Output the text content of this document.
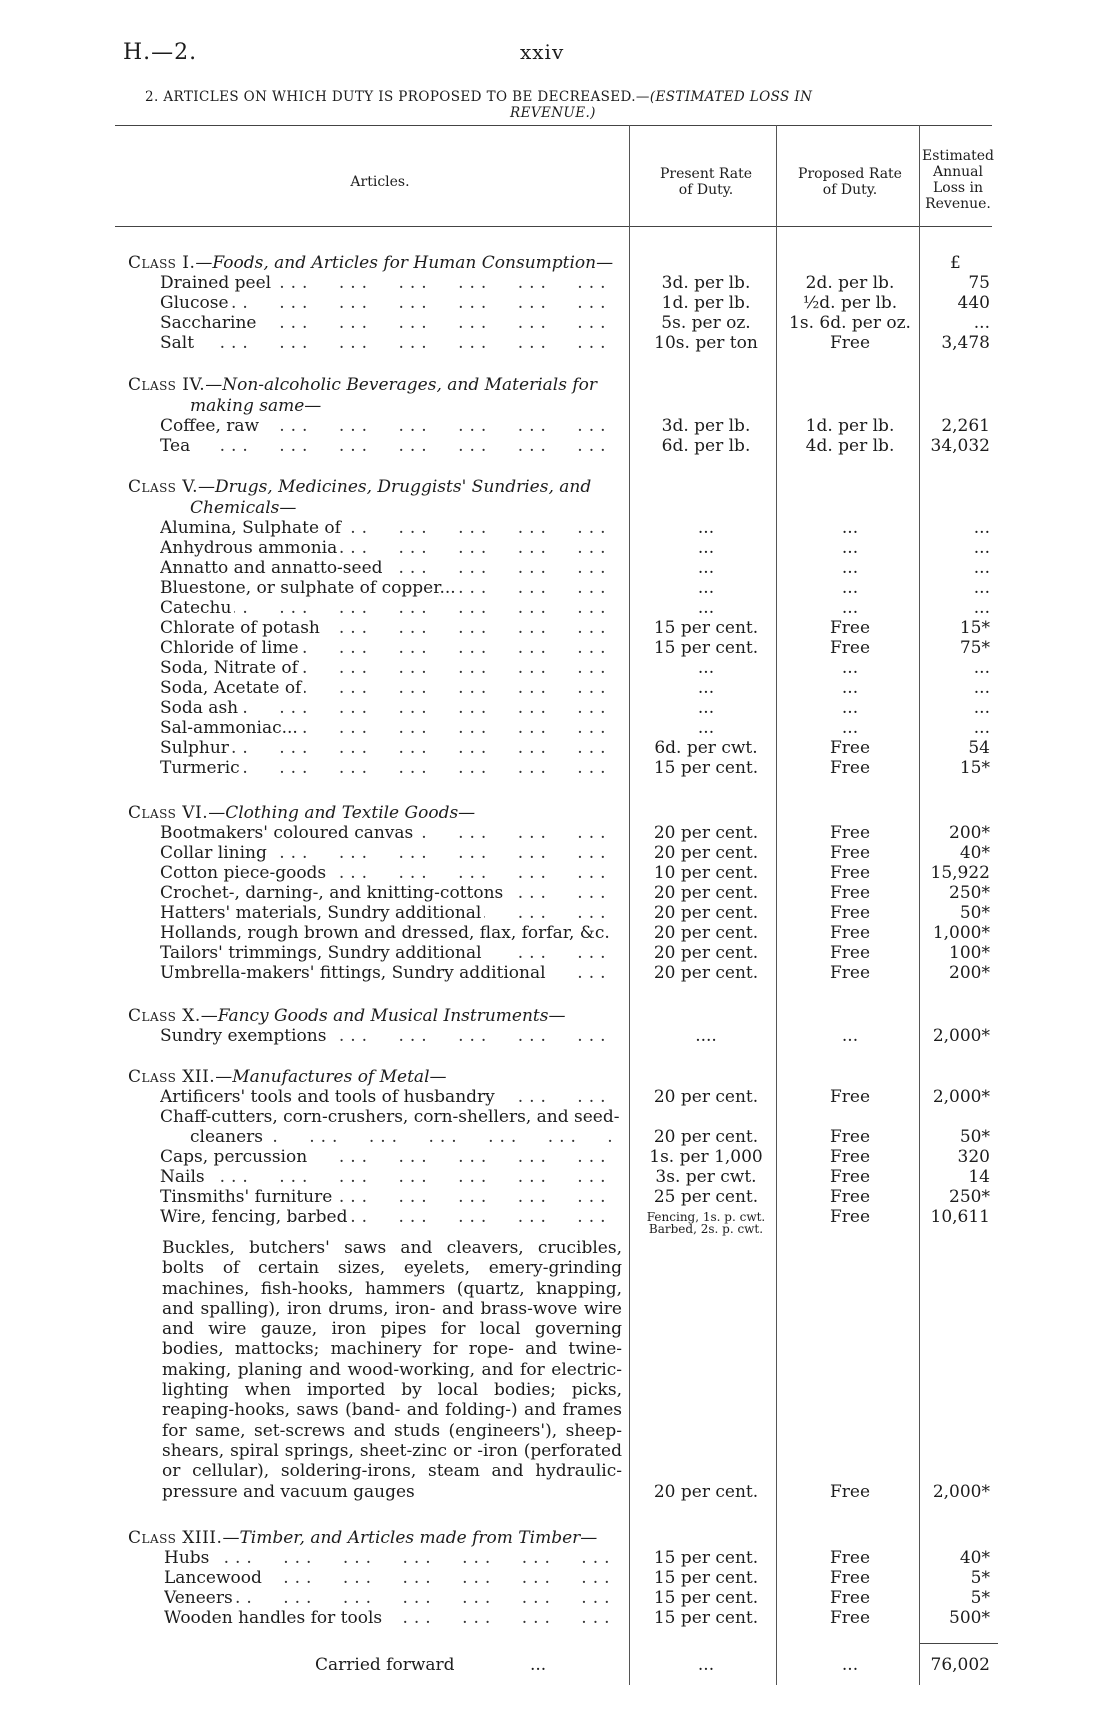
H.—2.	xxiv
2. ARTICLES ON WHICH DUTY IS PROPOSED TO BE DECREASED.—(ESTIMATED LOSS IN
REVENUE.)
Articles.	Present Rate
of Duty.
Proposed Rate
of Duty.
Estimated
Annual
Loss in
Revenue.
£
Class I.—Foods, and Articles for Human Consumption—
Class IV.—Non-alcoholic Beverages, and Materials for
making same—
Class V.—Drugs, Medicines, Druggists' Sundries, and
Chemicals—
Class VI.—Clothing and Textile Goods—
Class X.—Fancy Goods and Musical Instruments—
Class XII.—Manufactures of Metal—
Class XIII.—Timber, and Articles made from Timber—
Drained peel ... .	3d. per lb.	2d. per lb.	75
Glucose ... .	1d. per lb.	½d. per lb.	440
Saccharine ... .	5s. per oz.	1s. 6d. per oz.	...
Salt ... .	10s. per ton	Free	3,478
Coffee, raw ... .	3d. per lb.	1d. per lb.	2,261
Tea ... .	6d. per lb.	4d. per lb.	34,032
Alumina, Sulphate of ... .	...	...	...
Anhydrous ammonia ... .	...	...	...
Annatto and annatto-seed ... .	...	...	...
Bluestone, or sulphate of copper... ... .	...	...	...
Catechu ... .	...	...	...
Chlorate of potash ... .	15 per cent.	Free	15*
Chloride of lime ... .	15 per cent.	Free	75*
Soda, Nitrate of ... .	...	...	...
Soda, Acetate of ... .	...	...	...
Soda ash ... .	...	...	...
Sal-ammoniac... ... .	...	...	...
Sulphur ... .	6d. per cwt.	Free	54
Turmeric ... .	15 per cent.	Free	15*
Bootmakers' coloured canvas ... .	20 per cent.	Free	200*
Collar lining ... .	20 per cent.	Free	40*
Cotton piece-goods ... .	10 per cent.	Free	15,922
Crochet-, darning-, and knitting-cottons ... .	20 per cent.	Free	250*
Hatters' materials, Sundry additional ... .	20 per cent.	Free	50*
Hollands, rough brown and dressed, flax, forfar, &c.	20 per cent.	Free	1,000*
Tailors' trimmings, Sundry additional ... .	20 per cent.	Free	100*
Umbrella-makers' fittings, Sundry additional ... .	20 per cent.	Free	200*
Sundry exemptions ... .	....	...	2,000*
Artificers' tools and tools of husbandry ... .	20 per cent.	Free	2,000*
Chaff-cutters, corn-crushers, corn-shellers, and seed-
cleaners ... .	20 per cent.	Free	50*
Caps, percussion ... .	1s. per 1,000	Free	320
Nails ... .	3s. per cwt.	Free	14
Tinsmiths' furniture ... .	25 per cent.	Free	250*
Wire, fencing, barbed ... .	Fencing, 1s. p. cwt.	Free	10,611
Barbed, 2s. p. cwt.
Buckles, butchers' saws and cleavers, crucibles, bolts of certain sizes, eyelets, emery-grinding machines, fish-hooks, hammers (quartz, knapping, and spalling), iron drums, iron- and brass-wove wire and wire gauze, iron pipes for local governing bodies, mattocks; machinery for rope- and twine-making, planing and wood-working, and for electric-lighting when imported by local bodies; picks, reaping-hooks, saws (band- and folding-) and frames for same, set-screws and studs (engineers'), sheep-shears, spiral springs, sheet-zinc or -iron (perforated or cellular), soldering-irons, steam and hydraulic-pressure and vacuum gauges	20 per cent.	Free	2,000*
Hubs ... .	15 per cent.	Free	40*
Lancewood ... .	15 per cent.	Free	5*
Veneers ... .	15 per cent.	Free	5*
Wooden handles for tools ... .	15 per cent.	Free	500*
Carried forward	...	...	...	76,002
